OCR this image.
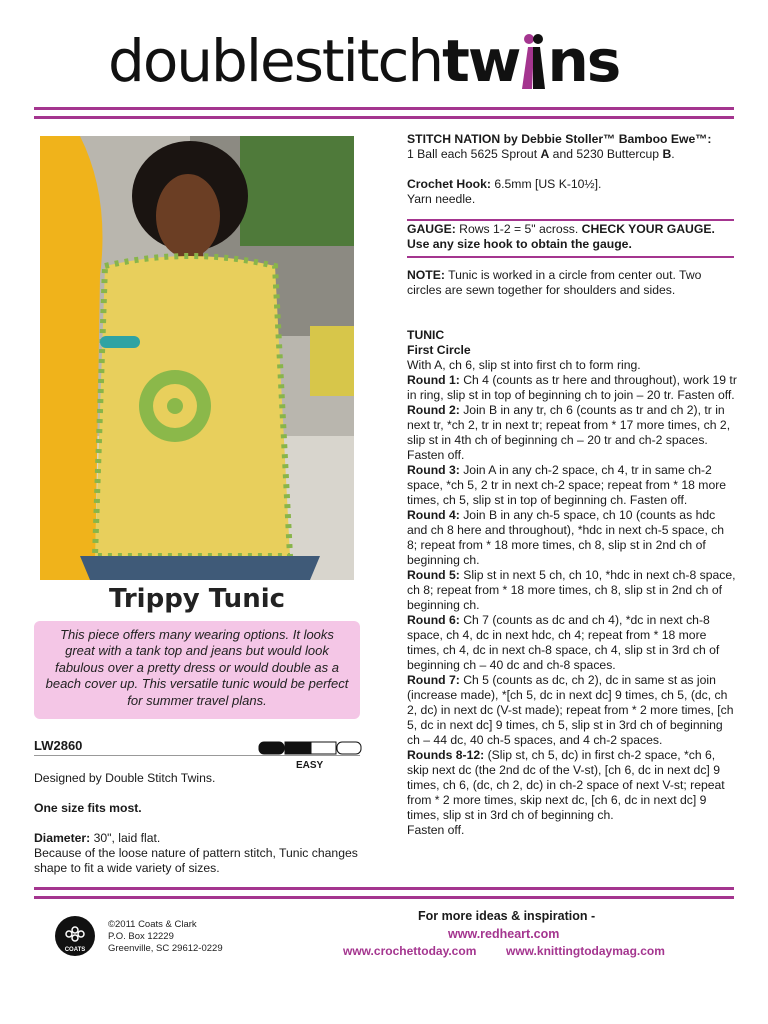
doublestitchtw ns
Trippy Tunic
This piece offers many wearing options. It looks great with a tank top and jeans but would look fabulous over a pretty dress or would double as a beach cover up. This versatile tunic would be perfect for summer travel plans.
LW2860
EASY
Designed by Double Stitch Twins.
One size fits most.
Diameter: 30", laid flat.
Because of the loose nature of pattern stitch, Tunic changes shape to fit a wide variety of sizes.
STITCH NATION by Debbie Stoller™ Bamboo Ewe™:
1 Ball each 5625 Sprout A and 5230 Buttercup B.
Crochet Hook: 6.5mm [US K-10½].
Yarn needle.
GAUGE: Rows 1-2 = 5" across. CHECK YOUR GAUGE. Use any size hook to obtain the gauge.
NOTE: Tunic is worked in a circle from center out. Two circles are sewn together for shoulders and sides.

TUNIC

First Circle

With A, ch 6, slip st into first ch to form ring.

Round 1: Ch 4 (counts as tr here and throughout), work 19 tr in ring, slip st in top of beginning ch to join – 20 tr. Fasten off.

Round 2: Join B in any tr, ch 6 (counts as tr and ch 2), tr in next tr, *ch 2, tr in next tr; repeat from * 17 more times, ch 2, slip st in 4th ch of beginning ch – 20 tr and ch-2 spaces. Fasten off.

Round 3: Join A in any ch-2 space, ch 4, tr in same ch-2 space, *ch 5, 2 tr in next ch-2 space; repeat from * 18 more times, ch 5, slip st in top of beginning ch. Fasten off.

Round 4: Join B in any ch-5 space, ch 10 (counts as hdc and ch 8 here and throughout), *hdc in next ch-5 space, ch 8; repeat from * 18 more times, ch 8, slip st in 2nd ch of beginning ch.

Round 5: Slip st in next 5 ch, ch 10, *hdc in next ch-8 space, ch 8; repeat from * 18 more times, ch 8, slip st in 2nd ch of beginning ch.

Round 6: Ch 7 (counts as dc and ch 4), *dc in next ch-8 space, ch 4, dc in next hdc, ch 4; repeat from * 18 more times, ch 4, dc in next ch-8 space, ch 4, slip st in 3rd ch of beginning ch – 40 dc and ch-8 spaces.

Round 7: Ch 5 (counts as dc, ch 2), dc in same st as join (increase made), *[ch 5, dc in next dc] 9 times, ch 5, (dc, ch 2, dc) in next dc (V-st made); repeat from * 2 more times, [ch 5, dc in next dc] 9 times, ch 5, slip st in 3rd ch of beginning ch – 44 dc, 40 ch-5 spaces, and 4 ch-2 spaces.

Rounds 8-12: (Slip st, ch 5, dc) in first ch-2 space, *ch 6, skip next dc (the 2nd dc of the V-st), [ch 6, dc in next dc] 9 times, ch 6, (dc, ch 2, dc) in ch-2 space of next V-st; repeat from * 2 more times, skip next dc, [ch 6, dc in next dc] 9 times, slip st in 3rd ch of beginning ch.

Fasten off.

COATS
©2011 Coats & Clark
P.O. Box 12229
Greenville, SC 29612-0229
For more ideas & inspiration -
www.redheart.com
www.crochettoday.com www.knittingtodaymag.com
